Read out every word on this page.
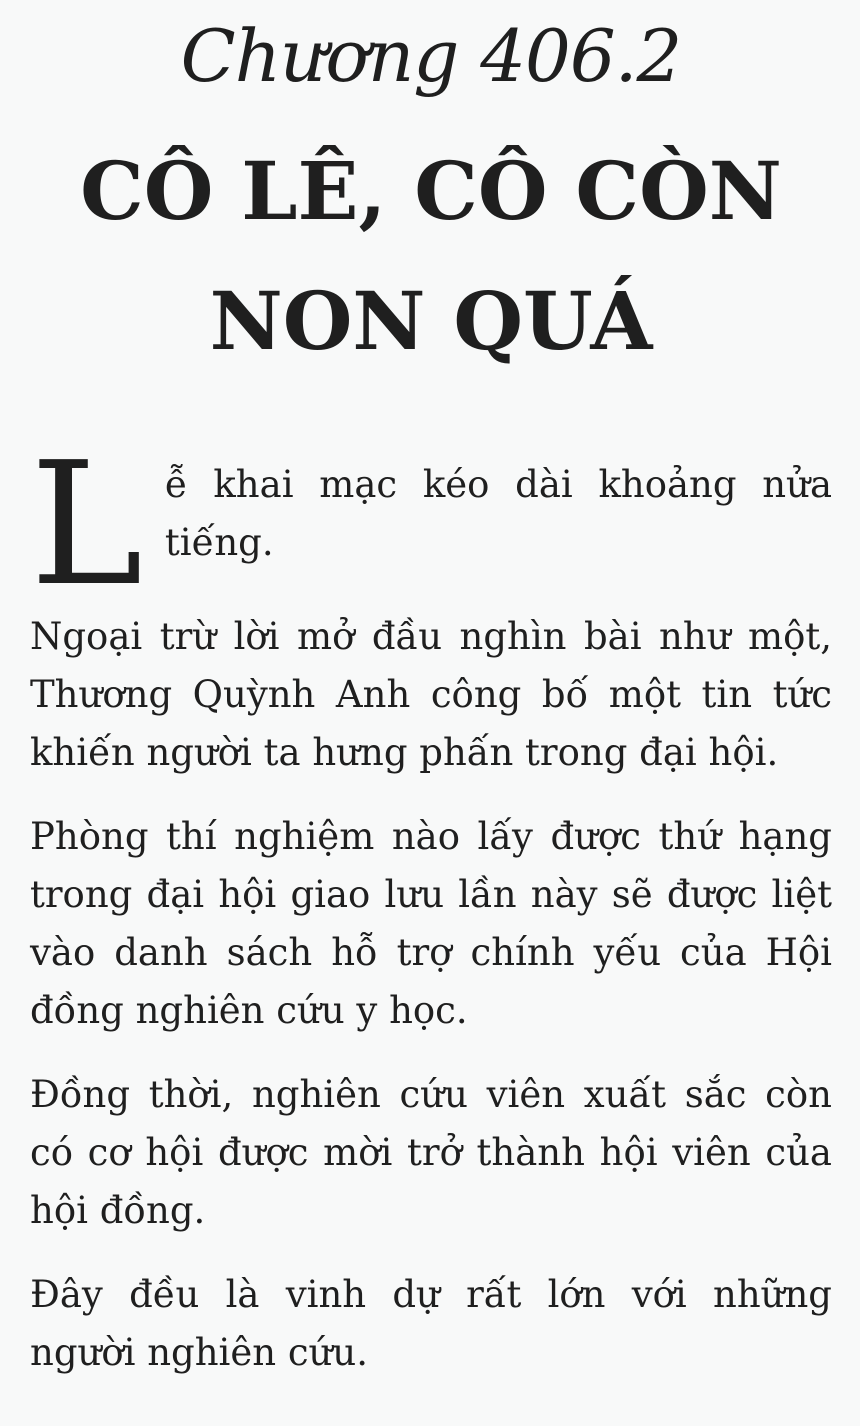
Chương 406.2
CÔ LÊ, CÔ CÒN NON QUÁ

Lễ khai mạc kéo dài khoảng nửa tiếng.

Ngoại trừ lời mở đầu nghìn bài như một, Thương Quỳnh Anh công bố một tin tức khiến người ta hưng phấn trong đại hội.

Phòng thí nghiệm nào lấy được thứ hạng trong đại hội giao lưu lần này sẽ được liệt vào danh sách hỗ trợ chính yếu của Hội đồng nghiên cứu y học.

Đồng thời, nghiên cứu viên xuất sắc còn có cơ hội được mời trở thành hội viên của hội đồng.

Đây đều là vinh dự rất lớn với những người nghiên cứu.
